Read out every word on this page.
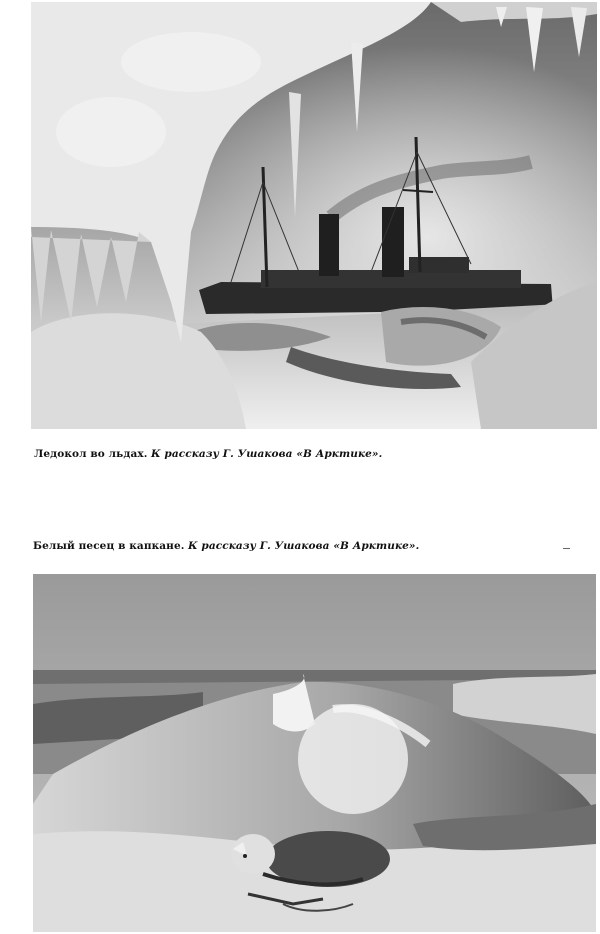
Ледокол во льдах. К рассказу Г. Ушакова «В Арктике».
Белый песец в капкане. К рассказу Г. Ушакова «В Арктике».
